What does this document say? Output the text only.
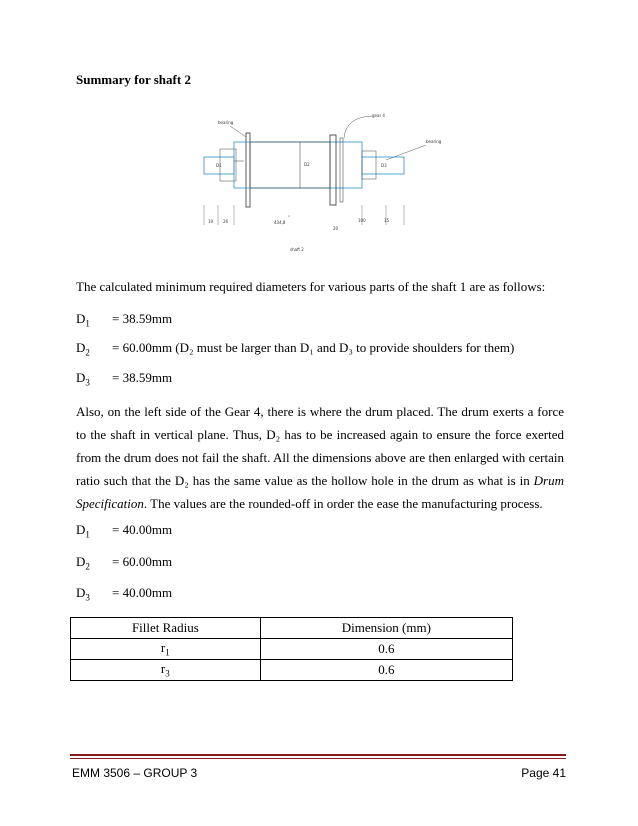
Summary for shaft 2
bearing
gear 4
bearing
D1	D2	D3
19 26	434,8
"
20
100	15
shaft 2
The calculated minimum required diameters for various parts of the shaft 1 are as follows:
$D_1 = 38.59mm$
$D_2 = 60.00mm$ (D₂ must be larger than D₁ and D₃ to provide shoulders for them)
$D_3 = 38.59mm$
Also, on the left side of the Gear 4, there is where the drum placed. The drum exerts a force to the shaft in vertical plane. Thus, D₂ has to be increased again to ensure the force exerted from the drum does not fail the shaft. All the dimensions above are then enlarged with certain ratio such that the D₂ has the same value as the hollow hole in the drum as what is in Drum Specification. The values are the rounded-off in order the ease the manufacturing process.
$D_1 = 40.00mm$
$D_2 = 60.00mm$
$D_3 = 40.00mm$
Fillet Radius	Dimension (mm)
$r_1$	0.6
$r_3$	0.6
EMM 3506 – GROUP 3	Page 41
